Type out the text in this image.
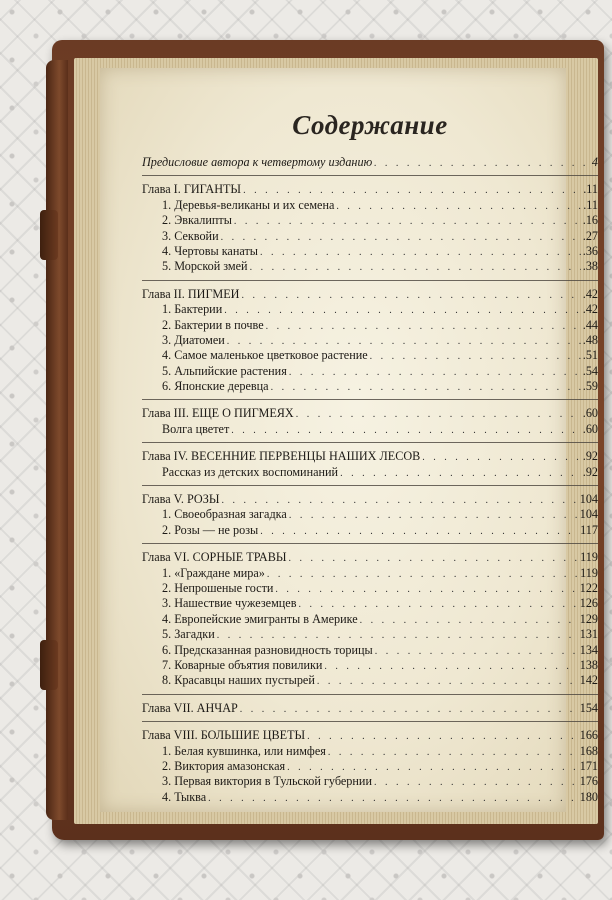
Содержание
Предисловие автора к четвертому изданию . . .	4
Глава I. ГИГАНТЫ . . .	.11
1. Деревья-великаны и их семена . . .	.11
2. Эвкалипты . . .	.16
3. Секвойи . . .	.27
4. Чертовы канаты . . .	.36
5. Морской змей . . .	.38
Глава II. ПИГМЕИ . . .	.42
1. Бактерии . . .	.42
2. Бактерии в почве . . .	.44
3. Диатомеи . . .	.48
4. Самое маленькое цветковое растение . . .	.51
5. Альпийские растения . . .	.54
6. Японские деревца . . .	.59
Глава III. ЕЩЕ О ПИГМЕЯХ . . .	.60
Волга цветет . . .	.60
Глава IV. ВЕСЕННИЕ ПЕРВЕНЦЫ НАШИХ ЛЕСОВ . . .	.92
Рассказ из детских воспоминаний . . .	.92
Глава V. РОЗЫ . . .	104
1. Своеобразная загадка . . .	104
2. Розы — не розы . . .	117
Глава VI. СОРНЫЕ ТРАВЫ . . .	119
1. «Граждане мира» . . .	119
2. Непрошеные гости . . .	122
3. Нашествие чужеземцев . . .	126
4. Европейские эмигранты в Америке . . .	129
5. Загадки . . .	131
6. Предсказанная разновидность торицы . . .	134
7. Коварные объятия повилики . . .	138
8. Красавцы наших пустырей . . .	142
Глава VII. АНЧАР . . .	154
Глава VIII. БОЛЬШИЕ ЦВЕТЫ . . .	166
1. Белая кувшинка, или нимфея . . .	168
2. Виктория амазонская . . .	171
3. Первая виктория в Тульской губернии . . .	176
4. Тыква . . .	180
